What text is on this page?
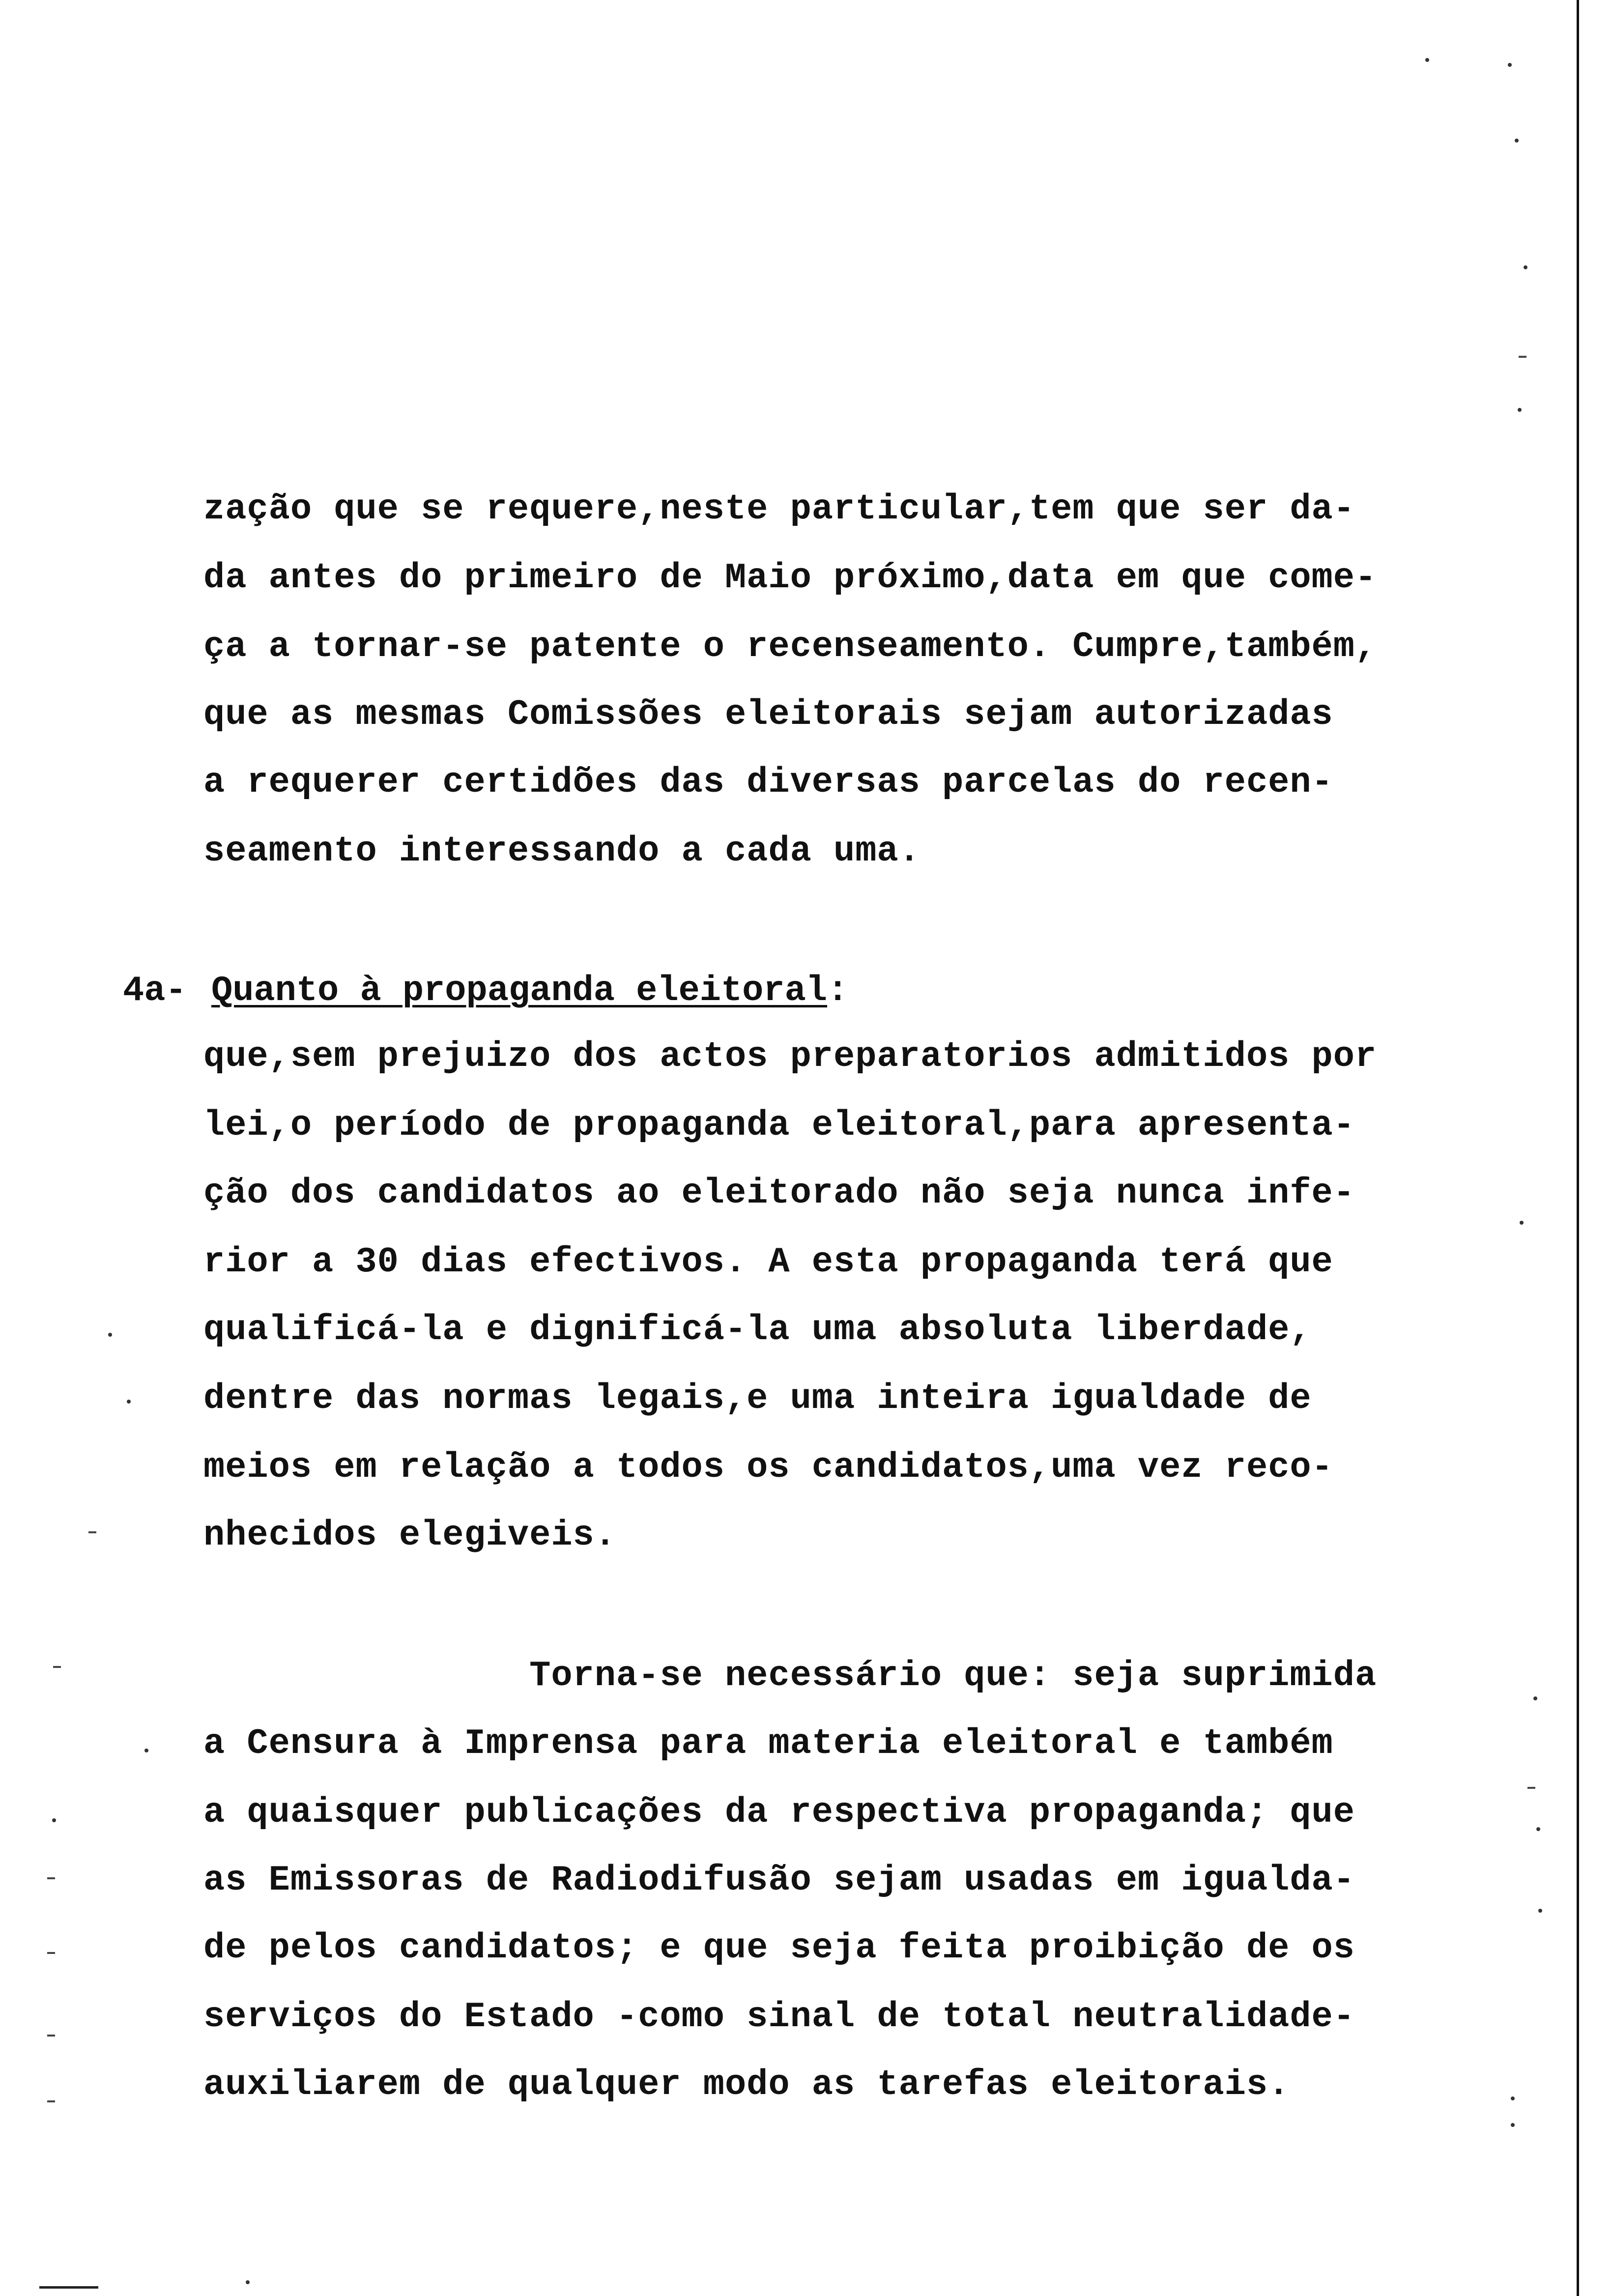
zação que se requere,neste particular,tem que ser da-
da antes do primeiro de Maio próximo,data em que come-
ça a tornar-se patente o recenseamento. Cumpre,também,
que as mesmas Comissões eleitorais sejam autorizadas
a requerer certidões das diversas parcelas do recen-
seamento interessando a cada uma.
4a- Quanto à propaganda eleitoral:
que,sem prejuizo dos actos preparatorios admitidos por
lei,o período de propaganda eleitoral,para apresenta-
ção dos candidatos ao eleitorado não seja nunca infe-
rior a 30 dias efectivos. A esta propaganda terá que
qualificá-la e dignificá-la uma absoluta liberdade,
dentre das normas legais,e uma inteira igualdade de
meios em relação a todos os candidatos,uma vez reco-
nhecidos elegiveis.
Torna-se necessário que: seja suprimida
a Censura à Imprensa para materia eleitoral e também
a quaisquer publicações da respectiva propaganda; que
as Emissoras de Radiodifusão sejam usadas em igualda-
de pelos candidatos; e que seja feita proibição de os
serviços do Estado -como sinal de total neutralidade-
auxiliarem de qualquer modo as tarefas eleitorais.
